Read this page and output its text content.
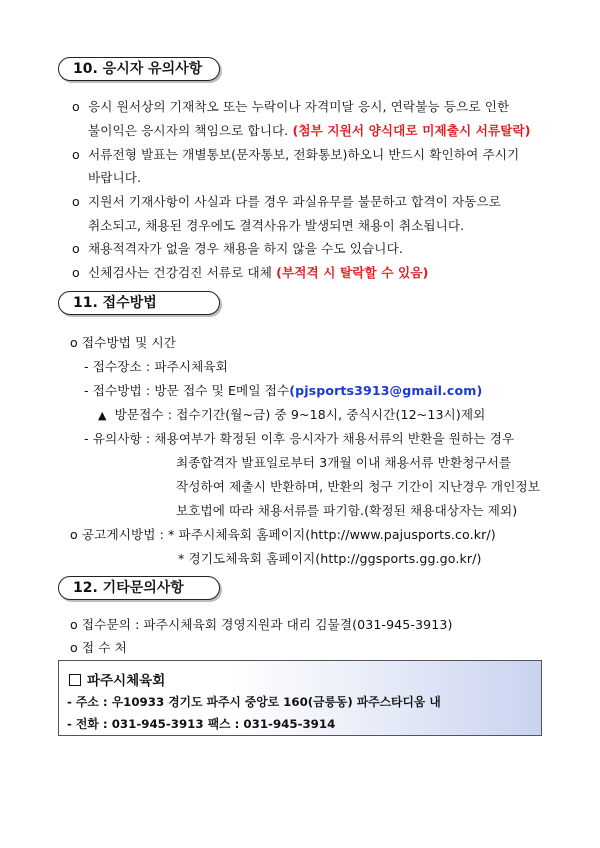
10. 응시자 유의사항
o 응시 원서상의 기재착오 또는 누락이나 자격미달 응시, 연락불능 등으로 인한
불이익은 응시자의 책임으로 합니다. (첨부 지원서 양식대로 미제출시 서류탈락)
o 서류전형 발표는 개별통보(문자통보, 전화통보)하오니 반드시 확인하여 주시기
바랍니다.
o 지원서 기재사항이 사실과 다를 경우 과실유무를 불문하고 합격이 자동으로
취소되고, 채용된 경우에도 결격사유가 발생되면 채용이 취소됩니다.
o 채용적격자가 없을 경우 채용을 하지 않을 수도 있습니다.
o 신체검사는 건강검진 서류로 대체 (부적격 시 탈락할 수 있음)
11. 접수방법
o 접수방법 및 시간
- 접수장소 : 파주시체육회
- 접수방법 : 방문 접수 및 E메일 접수(pjsports3913@gmail.com)
▲ 방문접수 : 접수기간(월~금) 중 9~18시, 중식시간(12~13시)제외
- 유의사항 : 채용여부가 확정된 이후 응시자가 채용서류의 반환을 원하는 경우
최종합격자 발표일로부터 3개월 이내 채용서류 반환청구서를
작성하여 제출시 반환하며, 반환의 청구 기간이 지난경우 개인정보
보호법에 따라 채용서류를 파기함.(확정된 채용대상자는 제외)
o 공고게시방법 : * 파주시체육회 홈페이지(http://www.pajusports.co.kr/)
* 경기도체육회 홈페이지(http://ggsports.gg.go.kr/)
12. 기타문의사항
o 접수문의 : 파주시체육회 경영지원과 대리 김물결(031-945-3913)
o 접 수 처
파주시체육회
- 주소 : 우10933 경기도 파주시 중앙로 160(금릉동) 파주스타디움 내
- 전화 : 031-945-3913 팩스 : 031-945-3914
